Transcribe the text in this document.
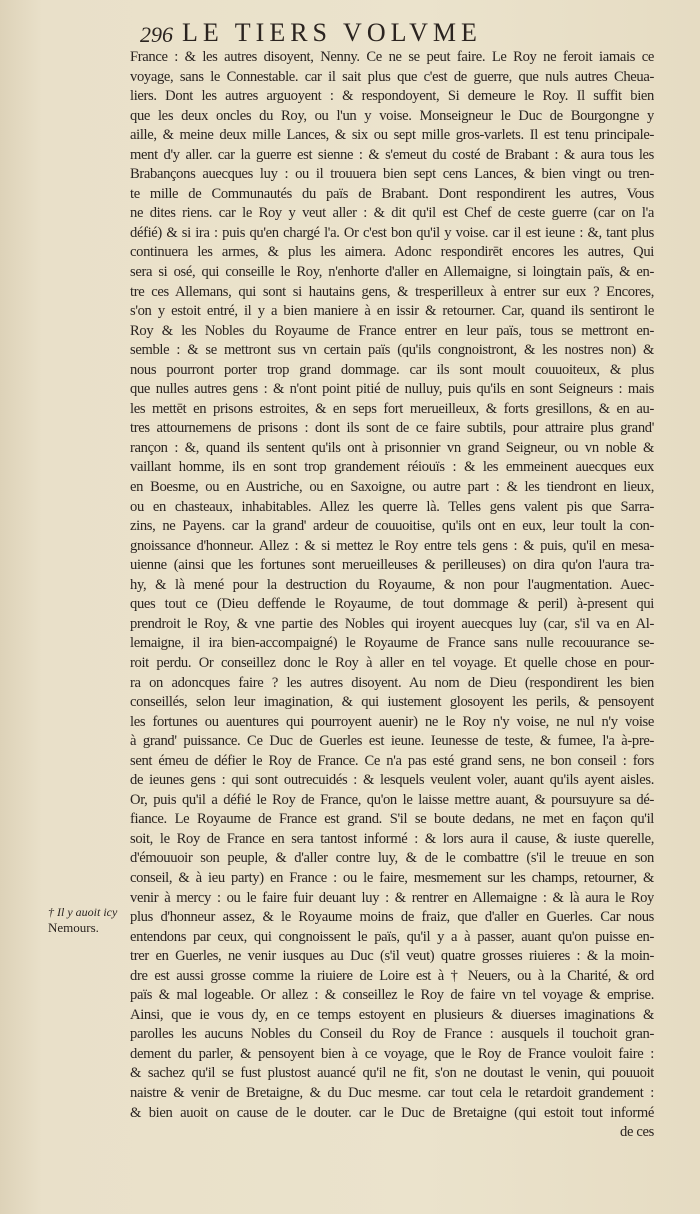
296 LE TIERS VOLVME
† Il y auoit icy
Nemours.
France : & les autres disoyent, Nenny. Ce ne se peut faire. Le Roy ne feroit iamais ce
voyage, sans le Connestable. car il sait plus que c'est de guerre, que nuls autres Cheua-
liers. Dont les autres arguoyent : & respondoyent, Si demeure le Roy. Il suffit bien
que les deux oncles du Roy, ou l'un y voise. Monseigneur le Duc de Bourgongne y
aille, & meine deux mille Lances, & six ou sept mille gros-varlets. Il est tenu principale-
ment d'y aller. car la guerre est sienne : & s'emeut du costé de Brabant : & aura tous les
Brabançons auecques luy : ou il trouuera bien sept cens Lances, & bien vingt ou tren-
te mille de Communautés du païs de Brabant. Dont respondirent les autres, Vous
ne dites riens. car le Roy y veut aller : & dit qu'il est Chef de ceste guerre (car on l'a
défié) & si ira : puis qu'en chargé l'a. Or c'est bon qu'il y voise. car il est ieune : &, tant plus
continuera les armes, & plus les aimera. Adonc respondirēt encores les autres, Qui
sera si osé, qui conseille le Roy, n'enhorte d'aller en Allemaigne, si loingtain païs, & en-
tre ces Allemans, qui sont si hautains gens, & tresperilleux à entrer sur eux ? Encores,
s'on y estoit entré, il y a bien maniere à en issir & retourner. Car, quand ils sentiront le
Roy & les Nobles du Royaume de France entrer en leur païs, tous se mettront en-
semble : & se mettront sus vn certain païs (qu'ils congnoistront, & les nostres non) &
nous pourront porter trop grand dommage. car ils sont moult couuoiteux, & plus
que nulles autres gens : & n'ont point pitié de nulluy, puis qu'ils en sont Seigneurs : mais
les mettēt en prisons estroites, & en seps fort merueilleux, & forts gresillons, & en au-
tres attournemens de prisons : dont ils sont de ce faire subtils, pour attraire plus grand'
rançon : &, quand ils sentent qu'ils ont à prisonnier vn grand Seigneur, ou vn noble &
vaillant homme, ils en sont trop grandement réiouïs : & les emmeinent auecques eux
en Boesme, ou en Austriche, ou en Saxoigne, ou autre part : & les tiendront en lieux,
ou en chasteaux, inhabitables. Allez les querre là. Telles gens valent pis que Sarra-
zins, ne Payens. car la grand' ardeur de couuoitise, qu'ils ont en eux, leur toult la con-
gnoissance d'honneur. Allez : & si mettez le Roy entre tels gens : & puis, qu'il en mesa-
uienne (ainsi que les fortunes sont merueilleuses & perilleuses) on dira qu'on l'aura tra-
hy, & là mené pour la destruction du Royaume, & non pour l'augmentation. Auec-
ques tout ce (Dieu deffende le Royaume, de tout dommage & peril) à-present qui
prendroit le Roy, & vne partie des Nobles qui iroyent auecques luy (car, s'il va en Al-
lemaigne, il ira bien-accompaigné) le Royaume de France sans nulle recouurance se-
roit perdu. Or conseillez donc le Roy à aller en tel voyage. Et quelle chose en pour-
ra on adoncques faire ? les autres disoyent. Au nom de Dieu (respondirent les bien
conseillés, selon leur imagination, & qui iustement glosoyent les perils, & pensoyent
les fortunes ou auentures qui pourroyent auenir) ne le Roy n'y voise, ne nul n'y voise
à grand' puissance. Ce Duc de Guerles est ieune. Ieunesse de teste, & fumee, l'a à-pre-
sent émeu de défier le Roy de France. Ce n'a pas esté grand sens, ne bon conseil : fors
de ieunes gens : qui sont outrecuidés : & lesquels veulent voler, auant qu'ils ayent aisles.
Or, puis qu'il a défié le Roy de France, qu'on le laisse mettre auant, & poursuyure sa dé-
fiance. Le Royaume de France est grand. S'il se boute dedans, ne met en façon qu'il
soit, le Roy de France en sera tantost informé : & lors aura il cause, & iuste querelle,
d'émouuoir son peuple, & d'aller contre luy, & de le combattre (s'il le treuue en son
conseil, & à ieu party) en France : ou le faire, mesmement sur les champs, retourner, &
venir à mercy : ou le faire fuir deuant luy : & rentrer en Allemaigne : & là aura le Roy
plus d'honneur assez, & le Royaume moins de fraiz, que d'aller en Guerles. Car nous
entendons par ceux, qui congnoissent le païs, qu'il y a à passer, auant qu'on puisse en-
trer en Guerles, ne venir iusques au Duc (s'il veut) quatre grosses riuieres : & la moin-
dre est aussi grosse comme la riuiere de Loire est à † Neuers, ou à la Charité, & ord
païs & mal logeable. Or allez : & conseillez le Roy de faire vn tel voyage & emprise.
Ainsi, que ie vous dy, en ce temps estoyent en plusieurs & diuerses imaginations &
parolles les aucuns Nobles du Conseil du Roy de France : ausquels il touchoit gran-
dement du parler, & pensoyent bien à ce voyage, que le Roy de France vouloit faire :
& sachez qu'il se fust plustost auancé qu'il ne fit, s'on ne doutast le venin, qui pouuoit
naistre & venir de Bretaigne, & du Duc mesme. car tout cela le retardoit grandement :
& bien auoit on cause de le douter. car le Duc de Bretaigne (qui estoit tout informé
de ces
